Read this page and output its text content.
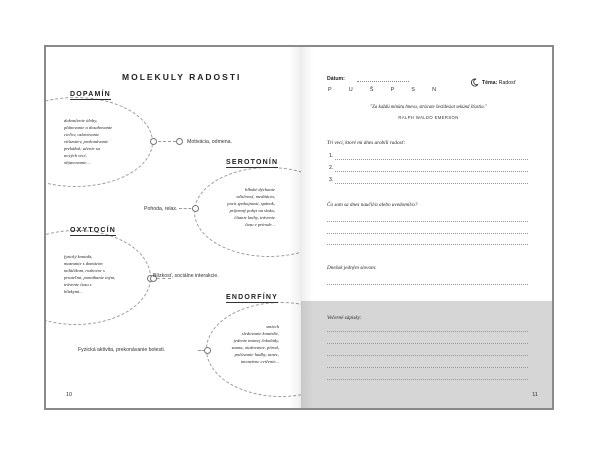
MOLEKULY RADOSTI
DOPAMÍN
dokončenie úlohy,
plánovanie a dosahovanie
cieľov, oslavovanie
víťazstiev, prekonávanie
prekážok, učenie sa
nových vecí,
objavovanie...
Motivácia, odmena.
SEROTONÍN
hlboké dýchanie
vďačnosť, meditácia,
pocit spokojnosti, spánok,
príjemný pobyt na slnku,
čítanie knihy, trávenie
času v prírode...
Pohoda, relax.
OXYTOCÍN
fyzický kontakt,
maznanie s domácim
miláčikom, rozhovor s
priateľmi, pomáhanie iným,
trávenie času s
blízkymi...
Blízkosť, sociálne interakcie.
ENDORFÍNY
smiech
sledovanie komédie,
jedenie tmavej čokolády,
sauna, otužovanie, pôrod,
počúvanie hudby, tanec,
intenzívne cvičenie...
Fyzická aktivita, prekonávanie bolesti.
10
Dátum:
P U Š P S N
Téma: Radosť
"Za každú minútu hnevu, strácate šesťdesiat sekúnd šťastia."
RALPH WALDO EMERSON
Tri veci, ktoré mi dnes urobili radosť:
1.
2.
3.
Čo som sa dnes naučil/a alebo uvedomil/a?
Dnešok jedným slovom:
Večerné zápisky:
11
